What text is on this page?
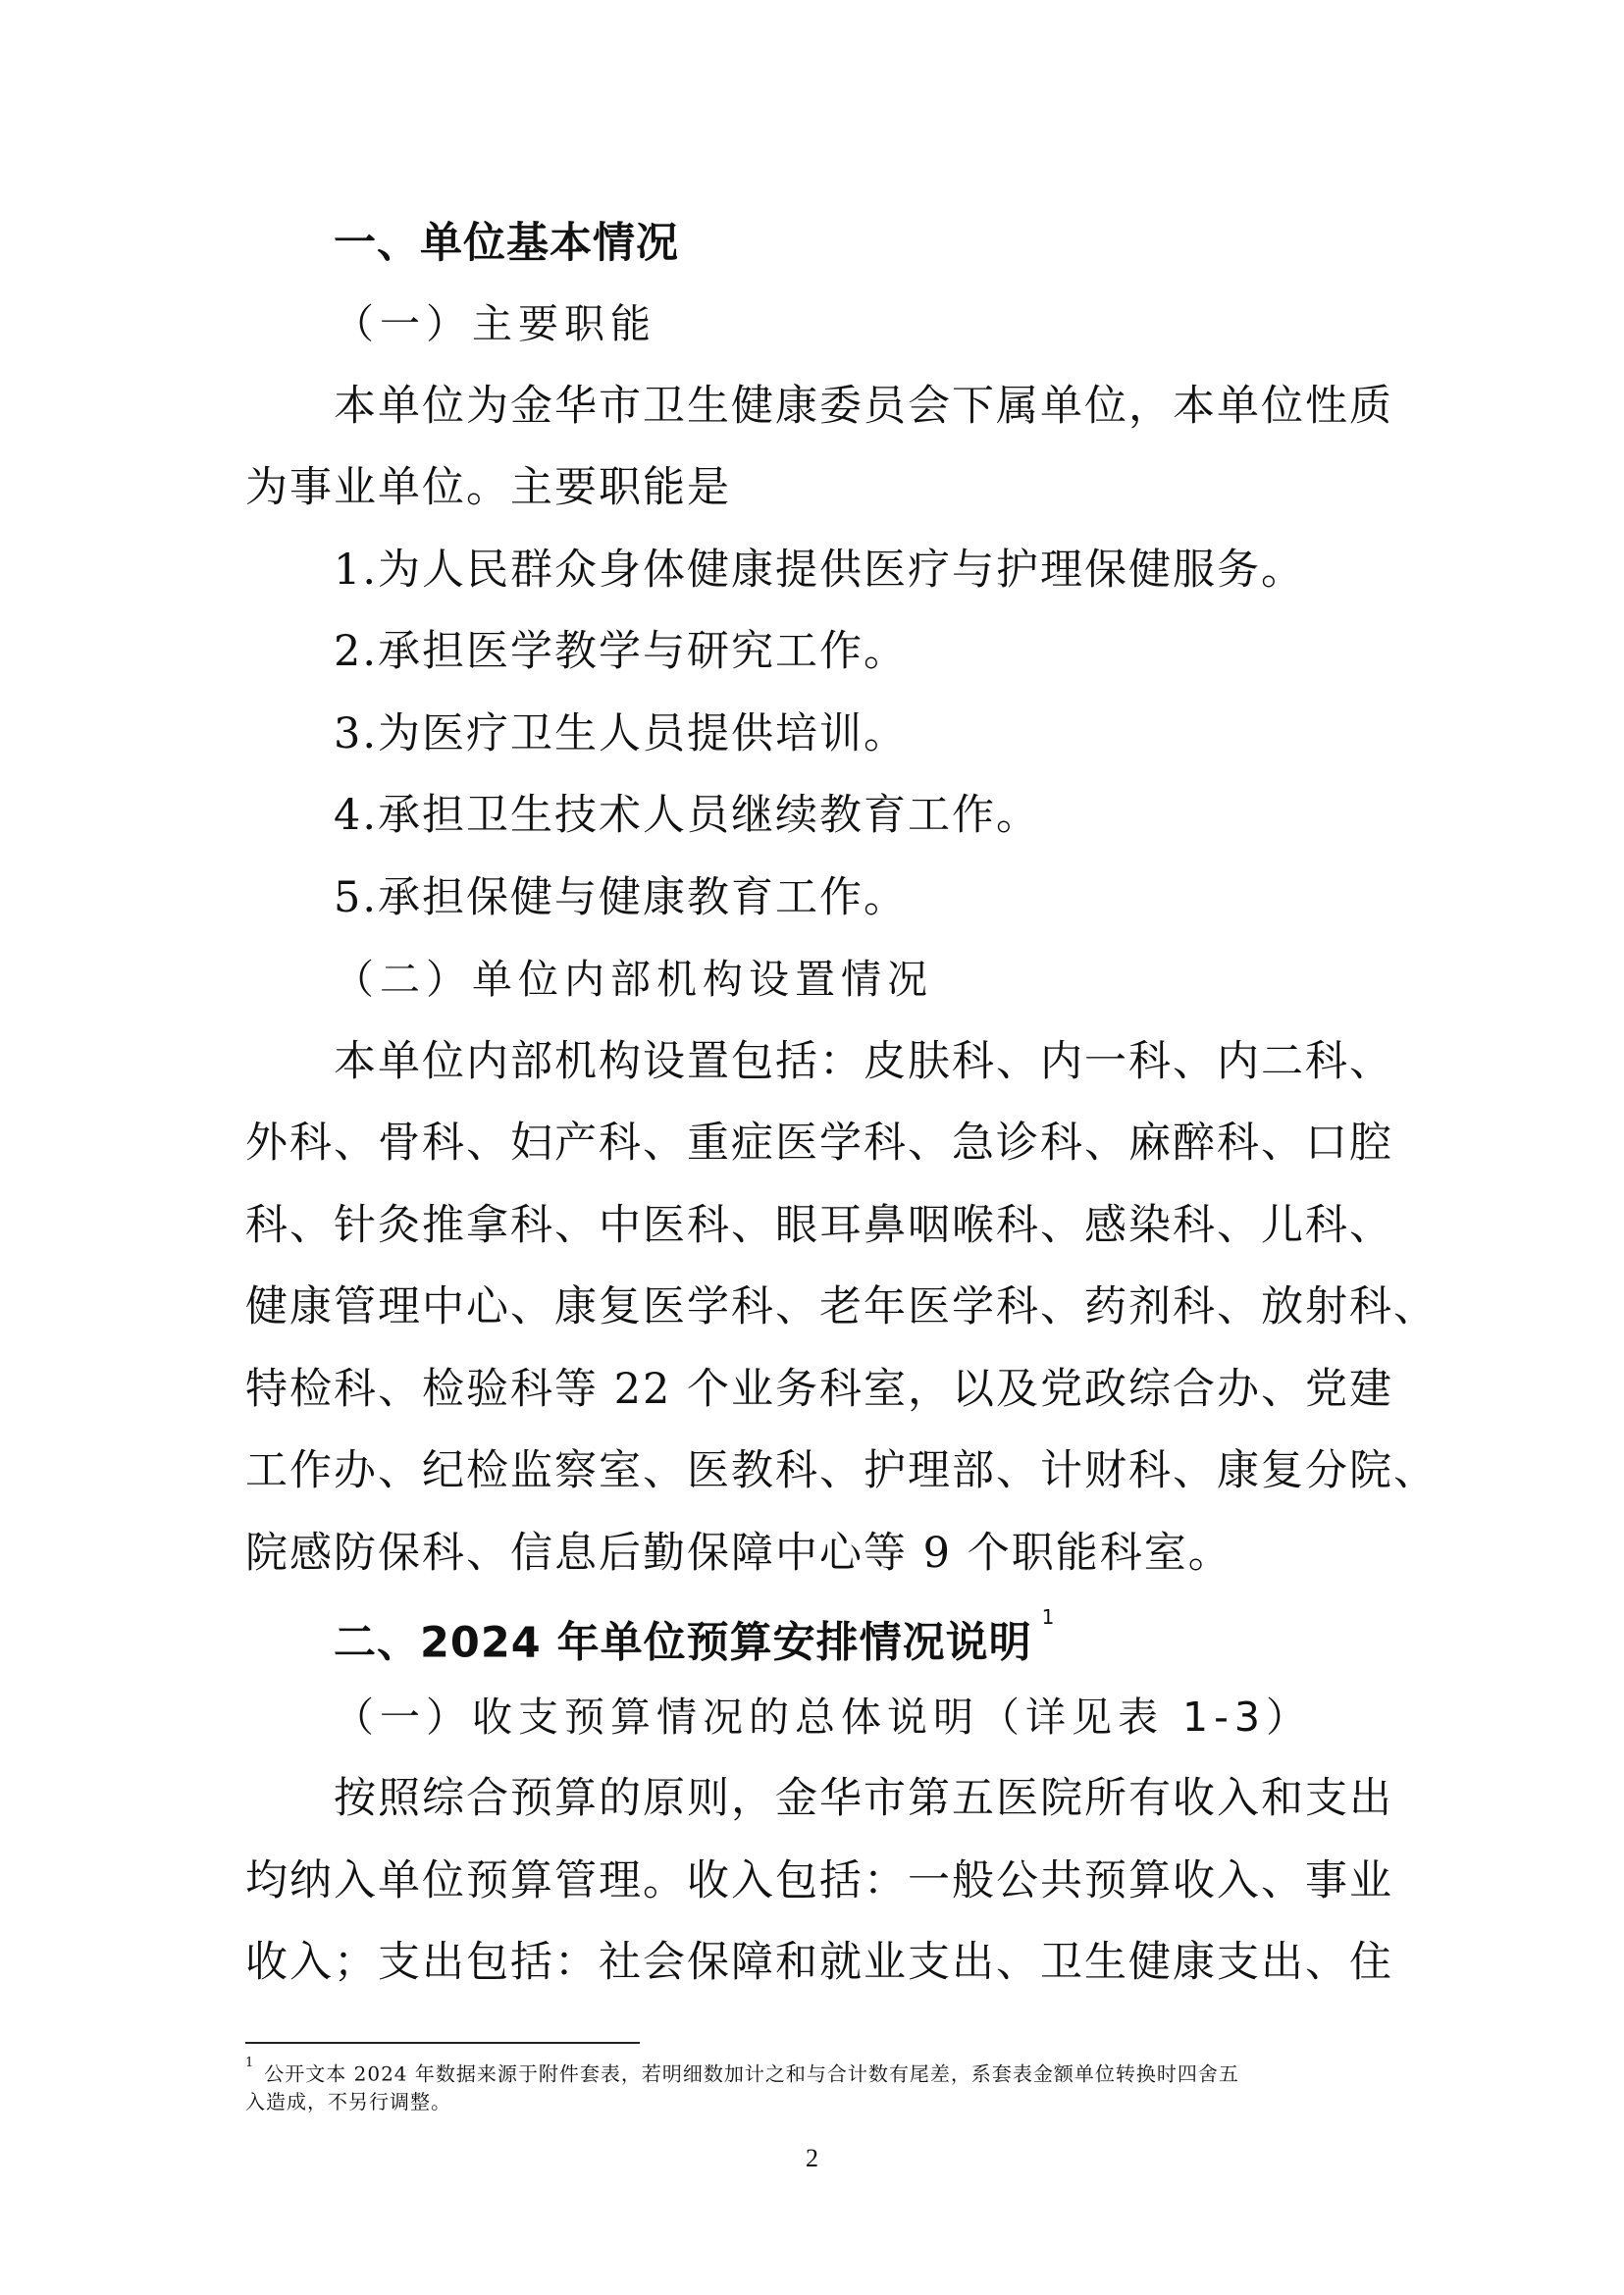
一、单位基本情况
（一）主要职能
本单位为金华市卫生健康委员会下属单位，本单位性质
为事业单位。主要职能是
1.为人民群众身体健康提供医疗与护理保健服务。
2.承担医学教学与研究工作。
3.为医疗卫生人员提供培训。
4.承担卫生技术人员继续教育工作。
5.承担保健与健康教育工作。
（二）单位内部机构设置情况
本单位内部机构设置包括：皮肤科、内一科、内二科、
外科、骨科、妇产科、重症医学科、急诊科、麻醉科、口腔
科、针灸推拿科、中医科、眼耳鼻咽喉科、感染科、儿科、
健康管理中心、康复医学科、老年医学科、药剂科、放射科、
特检科、检验科等 22 个业务科室，以及党政综合办、党建
工作办、纪检监察室、医教科、护理部、计财科、康复分院、
院感防保科、信息后勤保障中心等 9 个职能科室。
二、2024 年单位预算安排情况说明$^1$
（一）收支预算情况的总体说明（详见表 1-3）
按照综合预算的原则，金华市第五医院所有收入和支出
均纳入单位预算管理。收入包括：一般公共预算收入、事业
收入；支出包括：社会保障和就业支出、卫生健康支出、住
$^1$ 公开文本 2024 年数据来源于附件套表，若明细数加计之和与合计数有尾差，系套表金额单位转换时四舍五
入造成，不另行调整。
2
